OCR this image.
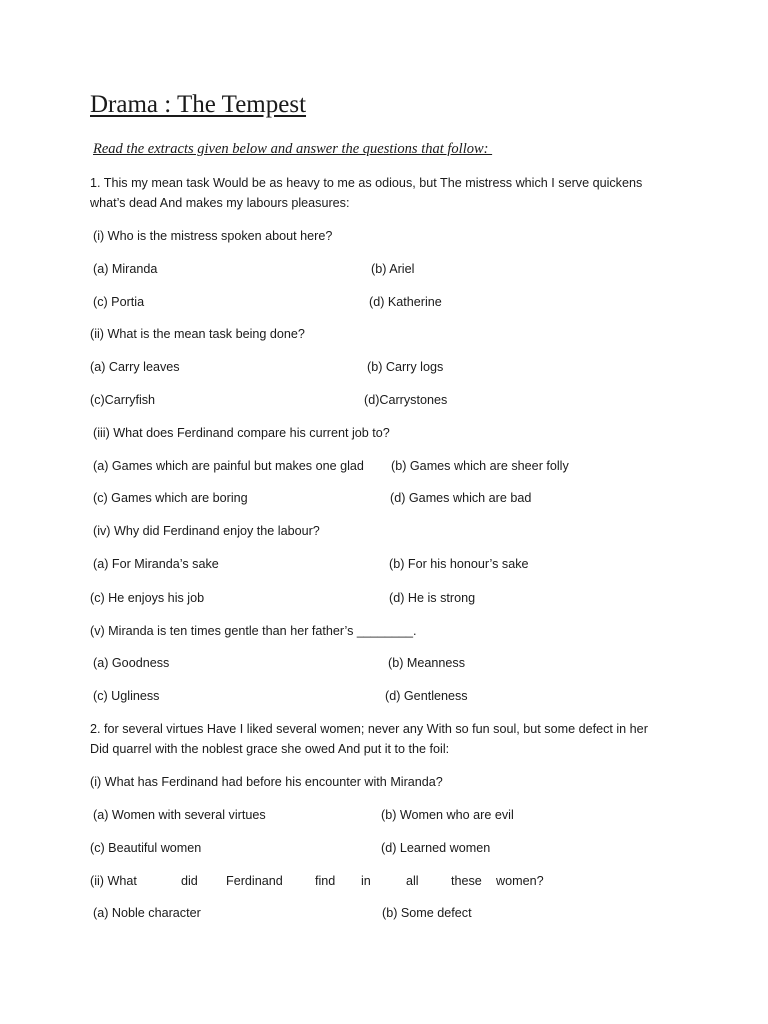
Drama : The Tempest

Read the extracts given below and answer the questions that follow:

1. This my mean task Would be as heavy to me as odious, but The mistress which I serve quickens what’s dead And makes my labours pleasures:

(i) Who is the mistress spoken about here?

(a) Miranda	(b) Ariel

(c) Portia	(d) Katherine

(ii) What is the mean task being done?

(a) Carry leaves	(b) Carry logs

(c)Carryfish	(d)Carrystones

(iii) What does Ferdinand compare his current job to?

(a) Games which are painful but makes one glad (b) Games which are sheer folly

(c) Games which are boring	(d) Games which are bad

(iv) Why did Ferdinand enjoy the labour?

(a) For Miranda’s sake	(b) For his honour’s sake

(c) He enjoys his job	(d) He is strong

(v) Miranda is ten times gentle than her father’s ________.

(a) Goodness	(b) Meanness

(c) Ugliness	(d) Gentleness

2. for several virtues Have I liked several women; never any With so fun soul, but some defect in her Did quarrel with the noblest grace she owed And put it to the foil:

(i) What has Ferdinand had before his encounter with Miranda?

(a) Women with several virtues	(b) Women who are evil

(c) Beautiful women	(d) Learned women

(ii) What	did Ferdinand	find in	all	these women?

(a) Noble character	(b) Some defect
